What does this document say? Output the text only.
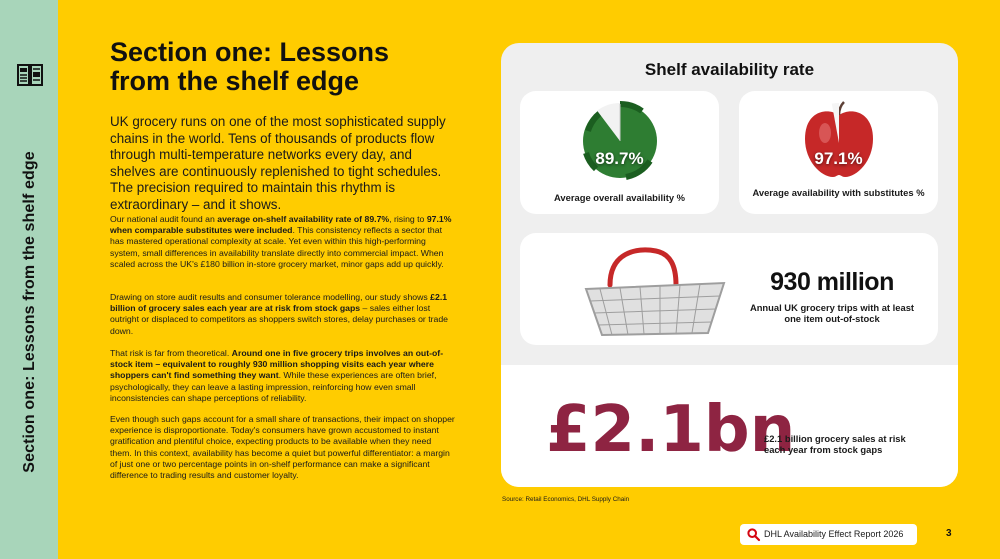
Section one: Lessons from the shelf edge
Section one: Lessons from the shelf edge

UK grocery runs on one of the most sophisticated supply chains in the world. Tens of thousands of products flow through multi-temperature networks every day, and shelves are continuously replenished to tight schedules. The precision required to maintain this rhythm is extraordinary – and it shows.

Our national audit found an average on-shelf availability rate of 89.7%, rising to 97.1% when comparable substitutes were included. This consistency reflects a sector that has mastered operational complexity at scale. Yet even within this high-performing system, small differences in availability translate directly into commercial impact. When scaled across the UK's £180 billion in-store grocery market, minor gaps add up quickly.

Drawing on store audit results and consumer tolerance modelling, our study shows £2.1 billion of grocery sales each year are at risk from stock gaps – sales either lost outright or displaced to competitors as shoppers switch stores, delay purchases or trade down.

That risk is far from theoretical. Around one in five grocery trips involves an out-of-stock item – equivalent to roughly 930 million shopping visits each year where shoppers can't find something they want. While these experiences are often brief, psychologically, they can leave a lasting impression, reinforcing how even small inconsistencies can shape perceptions of reliability.

Even though such gaps account for a small share of transactions, their impact on shopper experience is disproportionate. Today's consumers have grown accustomed to instant gratification and plentiful choice, expecting products to be available when they need them. In this context, availability has become a quiet but powerful differentiator: a margin of just one or two percentage points in on-shelf performance can make a significant difference to trading results and customer loyalty.

Shelf availability rate
89.7%
Average overall availability %
97.1%
Average availability with substitutes %
930 million
Annual UK grocery trips with at least one item out-of-stock
£2.1bn
£2.1 billion grocery sales at risk each year from stock gaps
Source: Retail Economics, DHL Supply Chain
DHL Availability Effect Report 2026	3
